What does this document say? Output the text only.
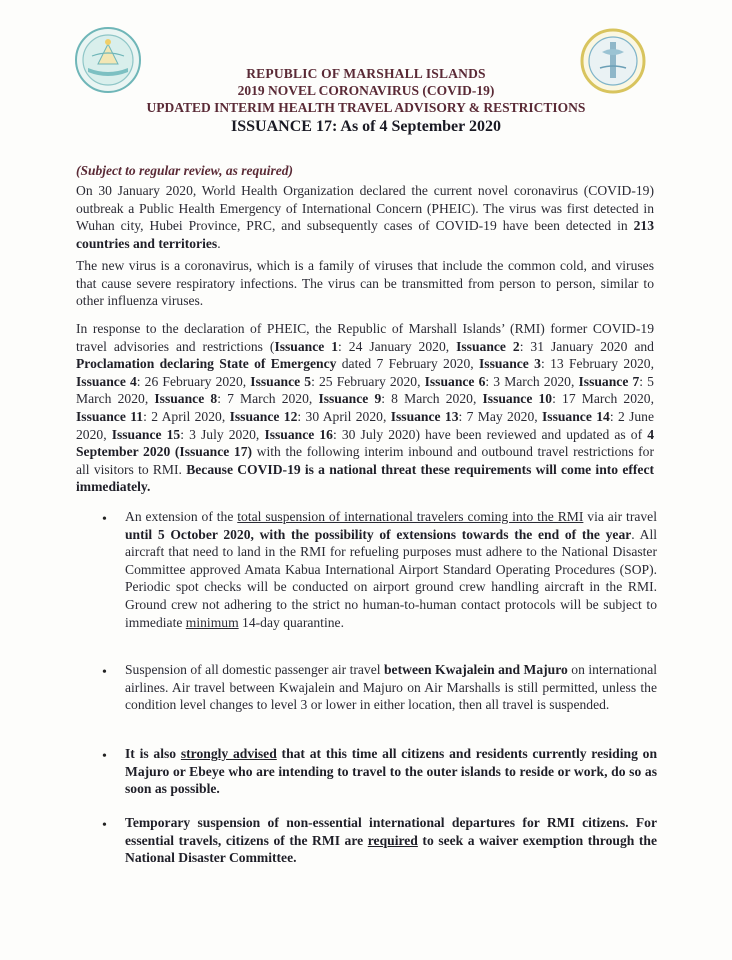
REPUBLIC OF MARSHALL ISLANDS
2019 NOVEL CORONAVIRUS (COVID-19)
UPDATED INTERIM HEALTH TRAVEL ADVISORY & RESTRICTIONS
ISSUANCE 17: As of 4 September 2020
(Subject to regular review, as required)
On 30 January 2020, World Health Organization declared the current novel coronavirus (COVID-19) outbreak a Public Health Emergency of International Concern (PHEIC). The virus was first detected in Wuhan city, Hubei Province, PRC, and subsequently cases of COVID-19 have been detected in 213 countries and territories.
The new virus is a coronavirus, which is a family of viruses that include the common cold, and viruses that cause severe respiratory infections. The virus can be transmitted from person to person, similar to other influenza viruses.
In response to the declaration of PHEIC, the Republic of Marshall Islands’ (RMI) former COVID-19 travel advisories and restrictions (Issuance 1: 24 January 2020, Issuance 2: 31 January 2020 and Proclamation declaring State of Emergency dated 7 February 2020, Issuance 3: 13 February 2020, Issuance 4: 26 February 2020, Issuance 5: 25 February 2020, Issuance 6: 3 March 2020, Issuance 7: 5 March 2020, Issuance 8: 7 March 2020, Issuance 9: 8 March 2020, Issuance 10: 17 March 2020, Issuance 11: 2 April 2020, Issuance 12: 30 April 2020, Issuance 13: 7 May 2020, Issuance 14: 2 June 2020, Issuance 15: 3 July 2020, Issuance 16: 30 July 2020) have been reviewed and updated as of 4 September 2020 (Issuance 17) with the following interim inbound and outbound travel restrictions for all visitors to RMI. Because COVID-19 is a national threat these requirements will come into effect immediately.
• An extension of the total suspension of international travelers coming into the RMI via air travel until 5 October 2020, with the possibility of extensions towards the end of the year. All aircraft that need to land in the RMI for refueling purposes must adhere to the National Disaster Committee approved Amata Kabua International Airport Standard Operating Procedures (SOP). Periodic spot checks will be conducted on airport ground crew handling aircraft in the RMI. Ground crew not adhering to the strict no human-to-human contact protocols will be subject to immediate minimum 14-day quarantine.
• Suspension of all domestic passenger air travel between Kwajalein and Majuro on international airlines. Air travel between Kwajalein and Majuro on Air Marshalls is still permitted, unless the condition level changes to level 3 or lower in either location, then all travel is suspended.
• It is also strongly advised that at this time all citizens and residents currently residing on Majuro or Ebeye who are intending to travel to the outer islands to reside or work, do so as soon as possible.
• Temporary suspension of non-essential international departures for RMI citizens. For essential travels, citizens of the RMI are required to seek a waiver exemption through the National Disaster Committee.
